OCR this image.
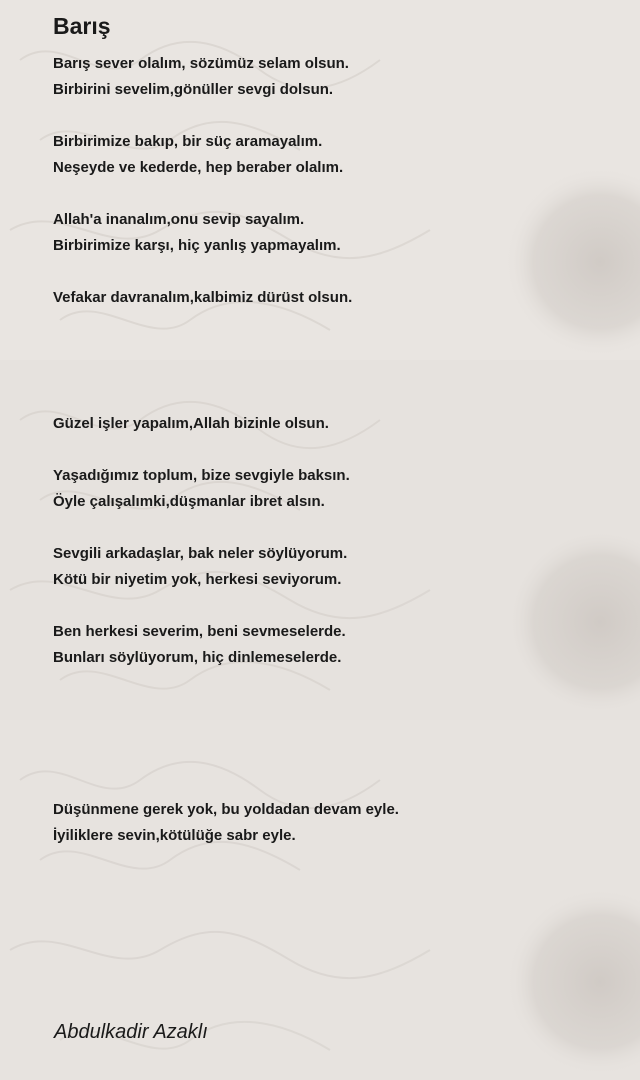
Barış
Barış sever olalım, sözümüz selam olsun.
Birbirini sevelim,gönüller sevgi dolsun.
Birbirimize bakıp, bir süç aramayalım.
Neşeyde ve kederde, hep beraber olalım.
Allah'a inanalım,onu sevip sayalım.
Birbirimize karşı, hiç yanlış yapmayalım.
Vefakar davranalım,kalbimiz dürüst olsun.
Güzel işler yapalım,Allah bizinle olsun.
Yaşadığımız toplum, bize sevgiyle baksın.
Öyle çalışalımki,düşmanlar ibret alsın.
Sevgili arkadaşlar, bak neler söylüyorum.
Kötü bir niyetim yok, herkesi seviyorum.
Ben herkesi severim, beni sevmeselerde.
Bunları söylüyorum, hiç dinlemeselerde.
Düşünmene gerek yok, bu yoldadan devam eyle.
İyiliklere sevin,kötülüğe sabr eyle.
Abdulkadir Azaklı
